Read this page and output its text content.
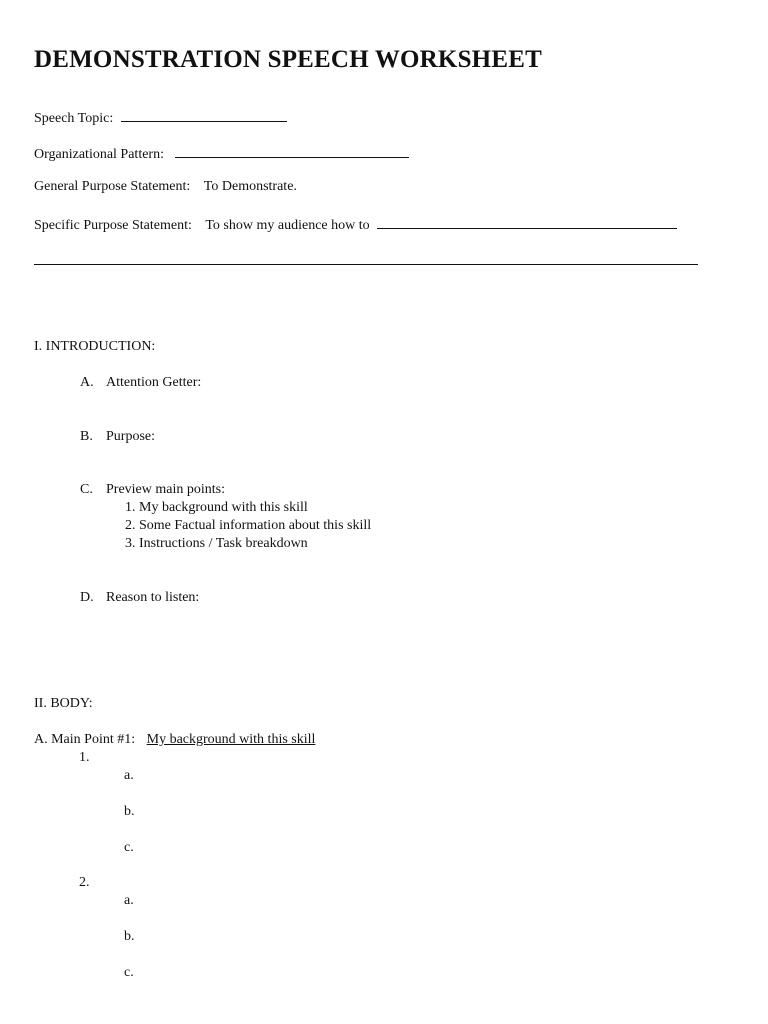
DEMONSTRATION SPEECH WORKSHEET
Speech Topic:
Organizational Pattern:
General Purpose Statement: To Demonstrate.
Specific Purpose Statement: To show my audience how to
I. INTRODUCTION:
A. Attention Getter:
B. Purpose:
C. Preview main points:
1. My background with this skill
2. Some Factual information about this skill
3. Instructions / Task breakdown
D. Reason to listen:
II. BODY:
A. Main Point #1: My background with this skill
1.
a.
b.
c.
2.
a.
b.
c.
